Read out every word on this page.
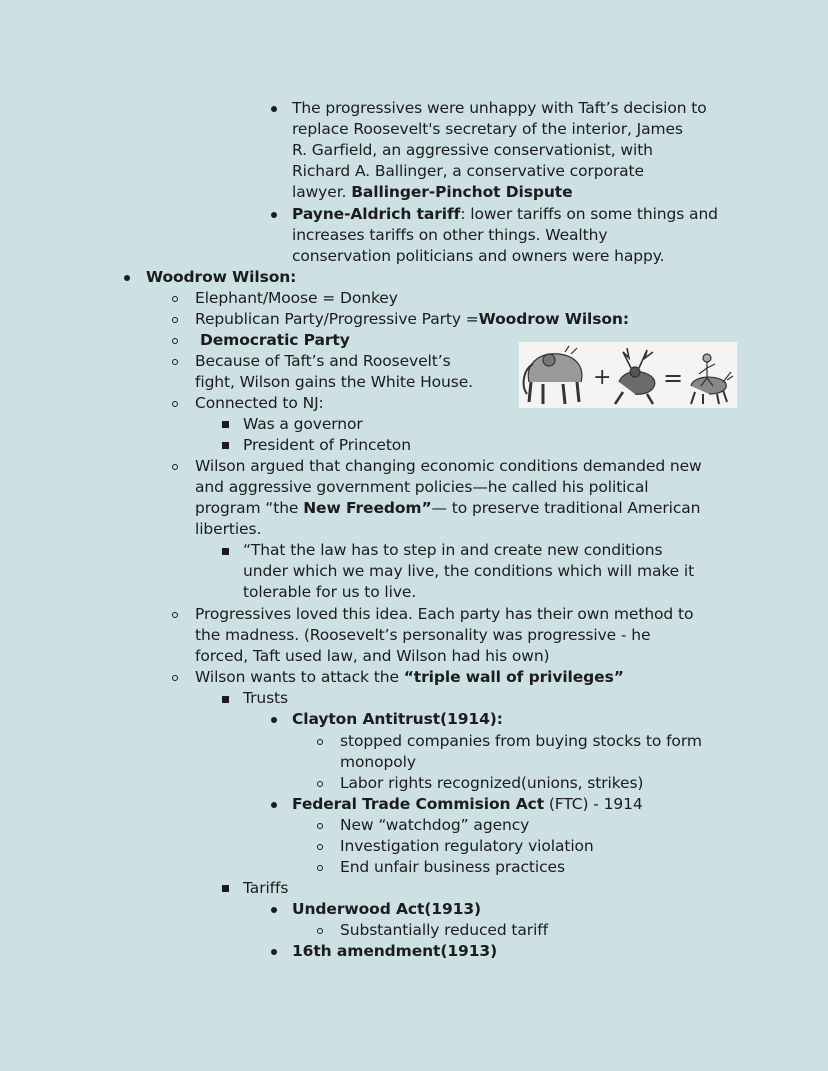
The progressives were unhappy with Taft’s decision to
replace Roosevelt's secretary of the interior, James
R. Garfield, an aggressive conservationist, with
Richard A. Ballinger, a conservative corporate
lawyer. Ballinger-Pinchot Dispute
Payne-Aldrich tariff: lower tariffs on some things and
increases tariffs on other things. Wealthy
conservation politicians and owners were happy.
Woodrow Wilson:
Elephant/Moose = Donkey
Republican Party/Progressive Party =Woodrow Wilson:
Democratic Party
Because of Taft’s and Roosevelt’s
fight, Wilson gains the White House.	+ =
Connected to NJ:
Was a governor
President of Princeton
Wilson argued that changing economic conditions demanded new
and aggressive government policies—he called his political
program “the New Freedom”— to preserve traditional American
liberties.
“That the law has to step in and create new conditions
under which we may live, the conditions which will make it
tolerable for us to live.
Progressives loved this idea. Each party has their own method to
the madness. (Roosevelt’s personality was progressive - he
forced, Taft used law, and Wilson had his own)
Wilson wants to attack the “triple wall of privileges”
Trusts
Clayton Antitrust(1914):
stopped companies from buying stocks to form
monopoly
Labor rights recognized(unions, strikes)
Federal Trade Commision Act (FTC) - 1914
New “watchdog” agency
Investigation regulatory violation
End unfair business practices
Tariffs
Underwood Act(1913)
Substantially reduced tariff
16th amendment(1913)
